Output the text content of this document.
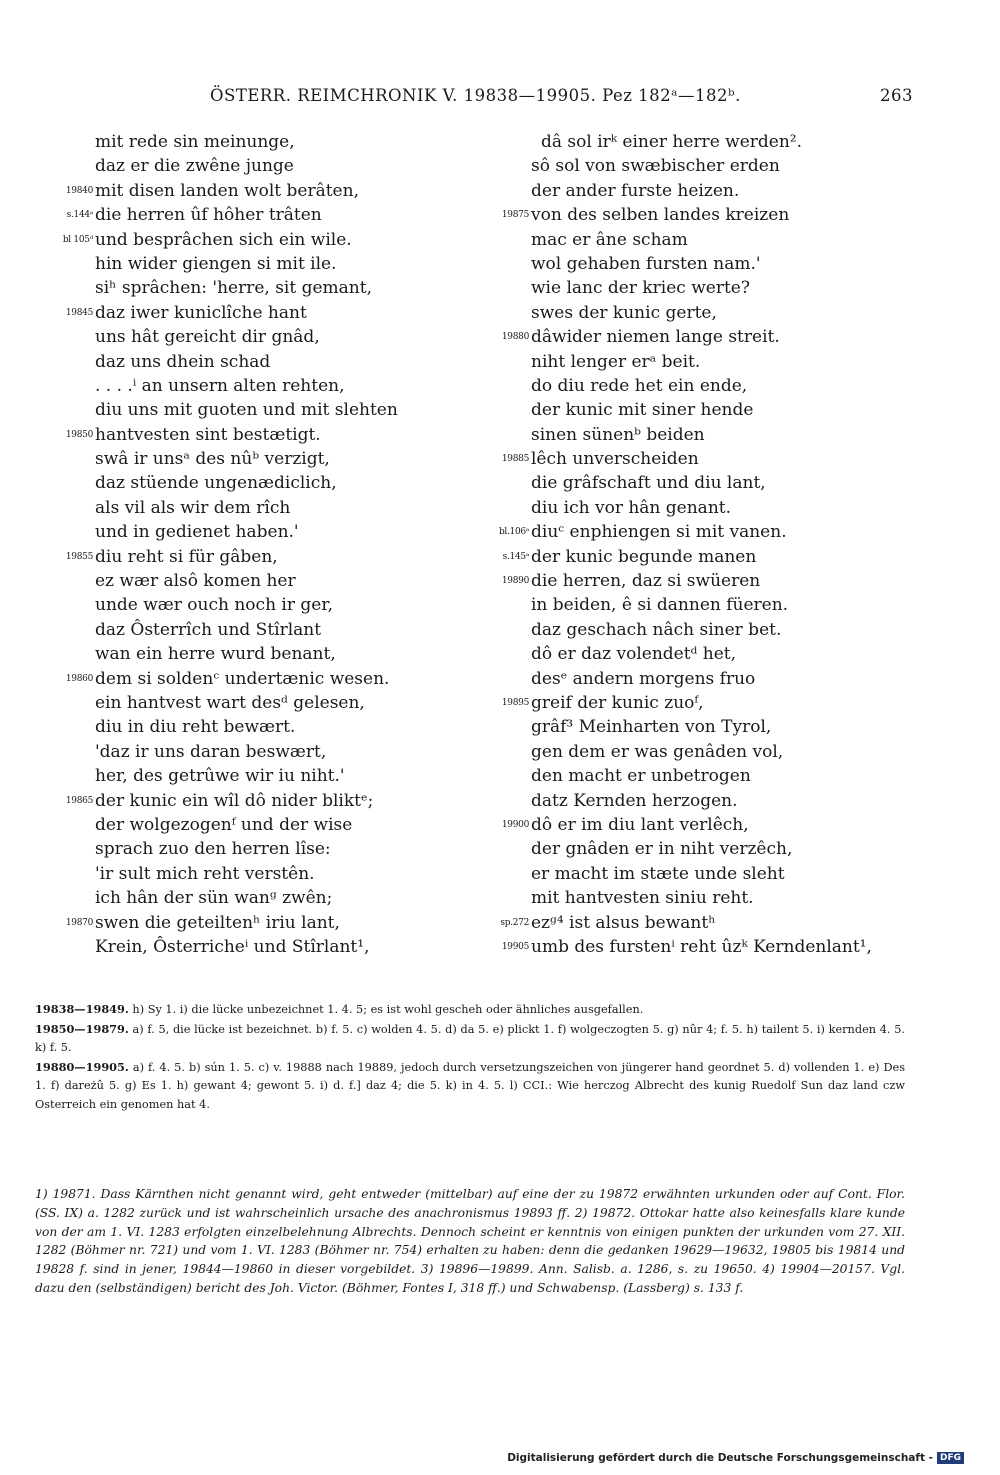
ÖSTERR. REIMCHRONIK V. 19838—19905. Pez 182ᵃ—182ᵇ.	263
mit rede sin meinunge,
daz er die zwêne junge
19840 mit disen landen wolt berâten,
s.144ᵃ die herren ûf hôher trâten
bl 105ᵈ und besprâchen sich ein wile.
hin wider giengen si mit ile.
siʰ sprâchen: 'herre, sit gemant,
19845 daz iwer kuniclîche hant
uns hât gereicht dir gnâd,
daz uns dhein schad
. . . .ⁱ an unsern alten rehten,
diu uns mit guoten und mit slehten
19850 hantvesten sint bestætigt.
swâ ir unsᵃ des nûᵇ verzigt,
daz stüende ungenædiclich,
als vil als wir dem rîch
und in gedienet haben.'
19855 diu reht si für gâben,
ez wær alsô komen her
unde wær ouch noch ir ger,
daz Ôsterrîch und Stîrlant
wan ein herre wurd benant,
19860 dem si soldenᶜ undertænic wesen.
ein hantvest wart desᵈ gelesen,
diu in diu reht bewært.
'daz ir uns daran beswært,
her, des getrûwe wir iu niht.'
19865 der kunic ein wîl dô nider bliktᵉ;
der wolgezogenᶠ und der wise
sprach zuo den herren lîse:
'ir sult mich reht verstên.
ich hân der sün wanᵍ zwên;
19870 swen die geteiltenʰ iriu lant,
Krein, Ôsterricheⁱ und Stîrlant¹,
dâ sol irᵏ einer herre werden².
sô sol von swæbischer erden
der ander furste heizen.
19875 von des selben landes kreizen
mac er âne scham
wol gehaben fursten nam.'
wie lanc der kriec werte?
swes der kunic gerte,
19880 dâwider niemen lange streit.
niht lenger erᵃ beit.
do diu rede het ein ende,
der kunic mit siner hende
sinen sünenᵇ beiden
19885 lêch unverscheiden
die grâfschaft und diu lant,
diu ich vor hân genant.
bl.106ᵃ diuᶜ enphiengen si mit vanen.
s.145ᵃ der kunic begunde manen
19890 die herren, daz si swüeren
in beiden, ê si dannen füeren.
daz geschach nâch siner bet.
dô er daz volendetᵈ het,
desᵉ andern morgens fruo
19895 greif der kunic zuoᶠ,
grâf³ Meinharten von Tyrol,
gen dem er was genâden vol,
den macht er unbetrogen
datz Kernden herzogen.
19900 dô er im diu lant verlêch,
der gnâden er in niht verzêch,
er macht im stæte unde sleht
mit hantvesten siniu reht.
sp.272 ezᵍ⁴ ist alsus bewantʰ
19905 umb des furstenⁱ reht ûzᵏ Kerndenlant¹,

19838—19849. h) Sy 1. i) die lücke unbezeichnet 1. 4. 5; es ist wohl gescheh oder ähnliches ausgefallen.

19850—19879. a) f. 5, die lücke ist bezeichnet. b) f. 5. c) wolden 4. 5. d) da 5. e) plickt 1. f) wolgeczogten 5. g) nûr 4; f. 5. h) tailent 5. i) kernden 4. 5. k) f. 5.

19880—19905. a) f. 4. 5. b) sún 1. 5. c) v. 19888 nach 19889, jedoch durch versetzungszeichen von jüngerer hand geordnet 5. d) vollenden 1. e) Des 1. f) dareżû 5. g) Es 1. h) gewant 4; gewont 5. i) d. f.] daz 4; die 5. k) in 4. 5. l) CCI.: Wie herczog Albrecht des kunig Ruedolf Sun daz land czw Osterreich ein genomen hat 4.

1) 19871. Dass Kärnthen nicht genannt wird, geht entweder (mittelbar) auf eine der zu 19872 erwähnten urkunden oder auf Cont. Flor. (SS. IX) a. 1282 zurück und ist wahrscheinlich ursache des anachronismus 19893 ff. 2) 19872. Ottokar hatte also keinesfalls klare kunde von der am 1. VI. 1283 erfolgten einzelbelehnung Albrechts. Dennoch scheint er kenntnis von einigen punkten der urkunden vom 27. XII. 1282 (Böhmer nr. 721) und vom 1. VI. 1283 (Böhmer nr. 754) erhalten zu haben: denn die gedanken 19629—19632, 19805 bis 19814 und 19828 f. sind in jener, 19844—19860 in dieser vorgebildet. 3) 19896—19899. Ann. Salisb. a. 1286, s. zu 19650. 4) 19904—20157. Vgl. dazu den (selbständigen) bericht des Joh. Victor. (Böhmer, Fontes I, 318 ff.) und Schwabensp. (Lassberg) s. 133 f.

Digitalisierung gefördert durch die Deutsche Forschungsgemeinschaft - DFG
